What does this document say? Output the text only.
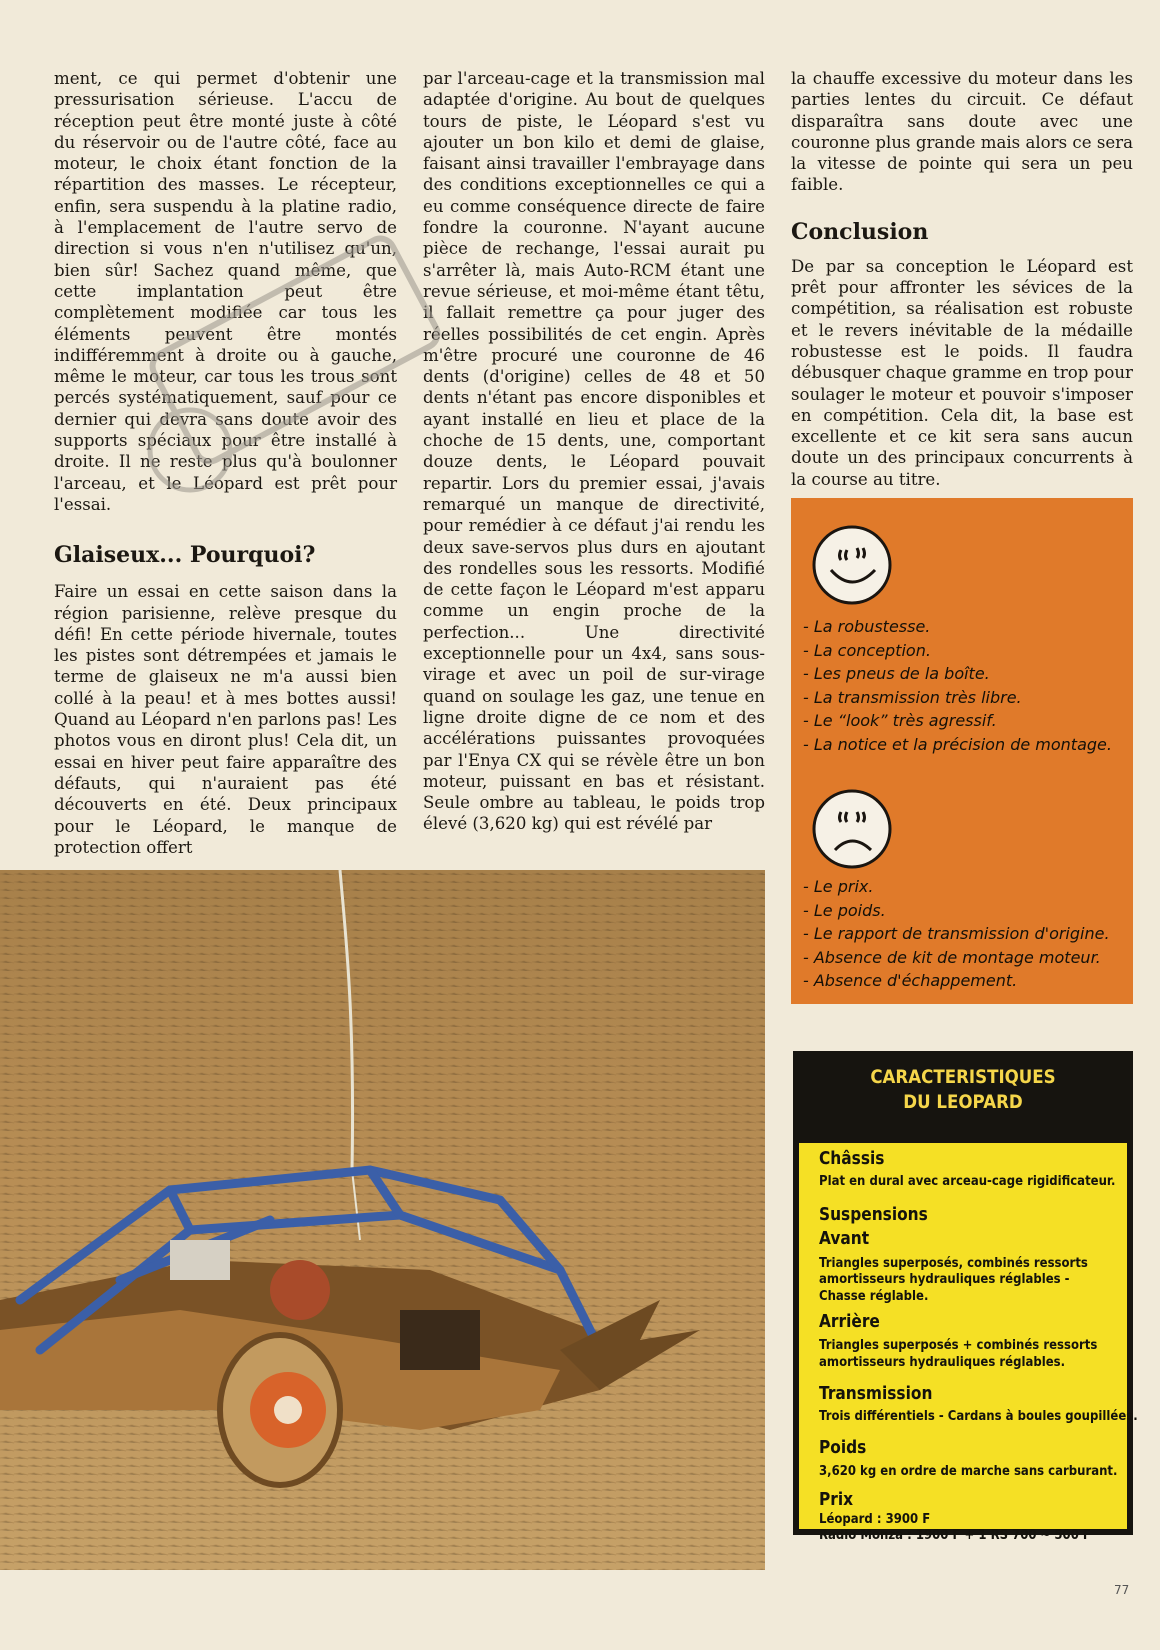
ment, ce qui permet d'obtenir une pressurisation sérieuse. L'accu de réception peut être monté juste à côté du réservoir ou de l'autre côté, face au moteur, le choix étant fonction de la répartition des masses. Le récepteur, enfin, sera suspendu à la platine radio, à l'emplacement de l'autre servo de direction si vous n'en n'utilisez qu'un, bien sûr! Sachez quand même, que cette implantation peut être complètement modifiée car tous les éléments peuvent être montés indifféremment à droite ou à gauche, même le moteur, car tous les trous sont percés systématiquement, sauf pour ce dernier qui devra sans doute avoir des supports spéciaux pour être installé à droite. Il ne reste plus qu'à boulonner l'arceau, et le Léopard est prêt pour l'essai.

Glaiseux... Pourquoi?

Faire un essai en cette saison dans la région parisienne, relève presque du défi! En cette période hivernale, toutes les pistes sont détrempées et jamais le terme de glaiseux ne m'a aussi bien collé à la peau! et à mes bottes aussi! Quand au Léopard n'en parlons pas! Les photos vous en diront plus! Cela dit, un essai en hiver peut faire apparaître des défauts, qui n'auraient pas été découverts en été. Deux principaux pour le Léopard, le manque de protection offert

par l'arceau-cage et la transmission mal adaptée d'origine. Au bout de quelques tours de piste, le Léopard s'est vu ajouter un bon kilo et demi de glaise, faisant ainsi travailler l'embrayage dans des conditions exceptionnelles ce qui a eu comme conséquence directe de faire fondre la couronne. N'ayant aucune pièce de rechange, l'essai aurait pu s'arrêter là, mais Auto-RCM étant une revue sérieuse, et moi-même étant têtu, il fallait remettre ça pour juger des réelles possibilités de cet engin. Après m'être procuré une couronne de 46 dents (d'origine) celles de 48 et 50 dents n'étant pas encore disponibles et ayant installé en lieu et place de la choche de 15 dents, une, comportant douze dents, le Léopard pouvait repartir. Lors du premier essai, j'avais remarqué un manque de directivité, pour remédier à ce défaut j'ai rendu les deux save-servos plus durs en ajoutant des rondelles sous les ressorts. Modifié de cette façon le Léopard m'est apparu comme un engin proche de la perfection... Une directivité exceptionnelle pour un 4x4, sans sous-virage et avec un poil de sur-virage quand on soulage les gaz, une tenue en ligne droite digne de ce nom et des accélérations puissantes provoquées par l'Enya CX qui se révèle être un bon moteur, puissant en bas et résistant. Seule ombre au tableau, le poids trop élevé (3,620 kg) qui est révélé par

la chauffe excessive du moteur dans les parties lentes du circuit. Ce défaut disparaîtra sans doute avec une couronne plus grande mais alors ce sera la vitesse de pointe qui sera un peu faible.

Conclusion

De par sa conception le Léopard est prêt pour affronter les sévices de la compétition, sa réalisation est robuste et le revers inévitable de la médaille robustesse est le poids. Il faudra débusquer chaque gramme en trop pour soulager le moteur et pouvoir s'imposer en compétition. Cela dit, la base est excellente et ce kit sera sans aucun doute un des principaux concurrents à la course au titre.

- La robustesse.
- La conception.
- Les pneus de la boîte.
- La transmission très libre.
- Le “look” très agressif.
- La notice et la précision de montage.
- Le prix.
- Le poids.
- Le rapport de transmission d'origine.
- Absence de kit de montage moteur.
- Absence d'échappement.
CARACTERISTIQUES
DU LEOPARD
Châssis
Plat en dural avec arceau-cage rigidificateur.
Suspensions
Avant
Triangles superposés, combinés ressorts
amortisseurs hydrauliques réglables -
Chasse réglable.
Arrière
Triangles superposés + combinés ressorts
amortisseurs hydrauliques réglables.
Transmission
Trois différentiels - Cardans à boules goupillées.
Poids
3,620 kg en ordre de marche sans carburant.
Prix
Léopard : 3900 F
Radio Monza : 1900 F + 1 RS 700 ~ 500 F
77
